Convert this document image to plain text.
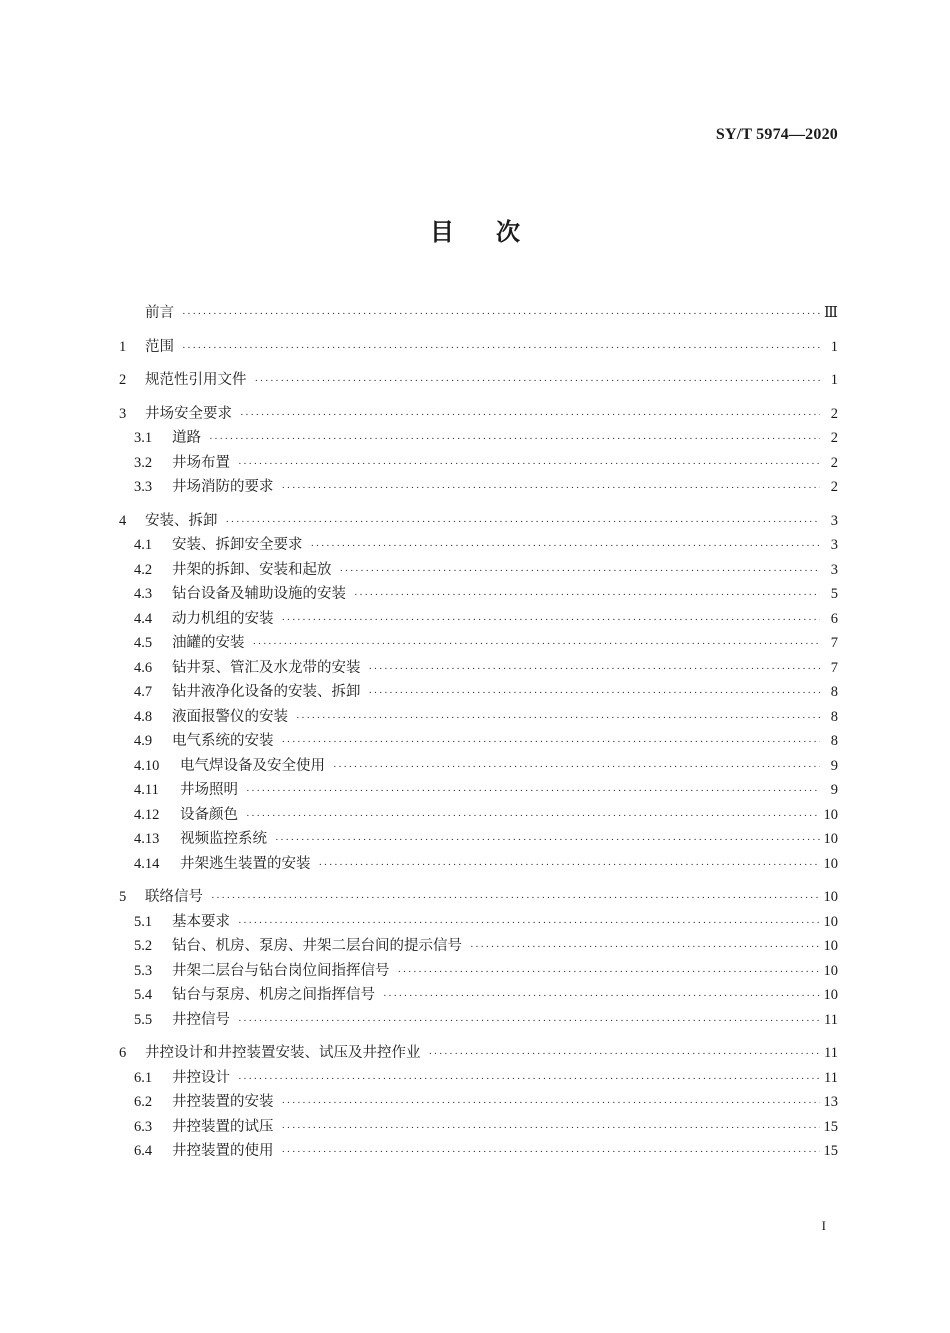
SY/T 5974—2020
目次
前言 ·····	Ⅲ
1	范围 ·····	1
2	规范性引用文件 ·····	1
3	井场安全要求 ·····	2
3.1	道路 ·····	2
3.2	井场布置 ·····	2
3.3	井场消防的要求 ·····	2
4	安装、拆卸 ·····	3
4.1	安装、拆卸安全要求 ·····	3
4.2	井架的拆卸、安装和起放 ·····	3
4.3	钻台设备及辅助设施的安装 ·····	5
4.4	动力机组的安装 ·····	6
4.5	油罐的安装 ·····	7
4.6	钻井泵、管汇及水龙带的安装 ·····	7
4.7	钻井液净化设备的安装、拆卸 ·····	8
4.8	液面报警仪的安装 ·····	8
4.9	电气系统的安装 ·····	8
4.10	电气焊设备及安全使用 ·····	9
4.11	井场照明 ·····	9
4.12	设备颜色 ·····	10
4.13	视频监控系统 ·····	10
4.14	井架逃生装置的安装 ·····	10
5	联络信号 ·····	10
5.1	基本要求 ·····	10
5.2	钻台、机房、泵房、井架二层台间的提示信号 ·····	10
5.3	井架二层台与钻台岗位间指挥信号 ·····	10
5.4	钻台与泵房、机房之间指挥信号 ·····	10
5.5	井控信号 ·····	11
6	井控设计和井控装置安装、试压及井控作业 ·····	11
6.1	井控设计 ·····	11
6.2	井控装置的安装 ·····	13
6.3	井控装置的试压 ·····	15
6.4	井控装置的使用 ·····	15
I
